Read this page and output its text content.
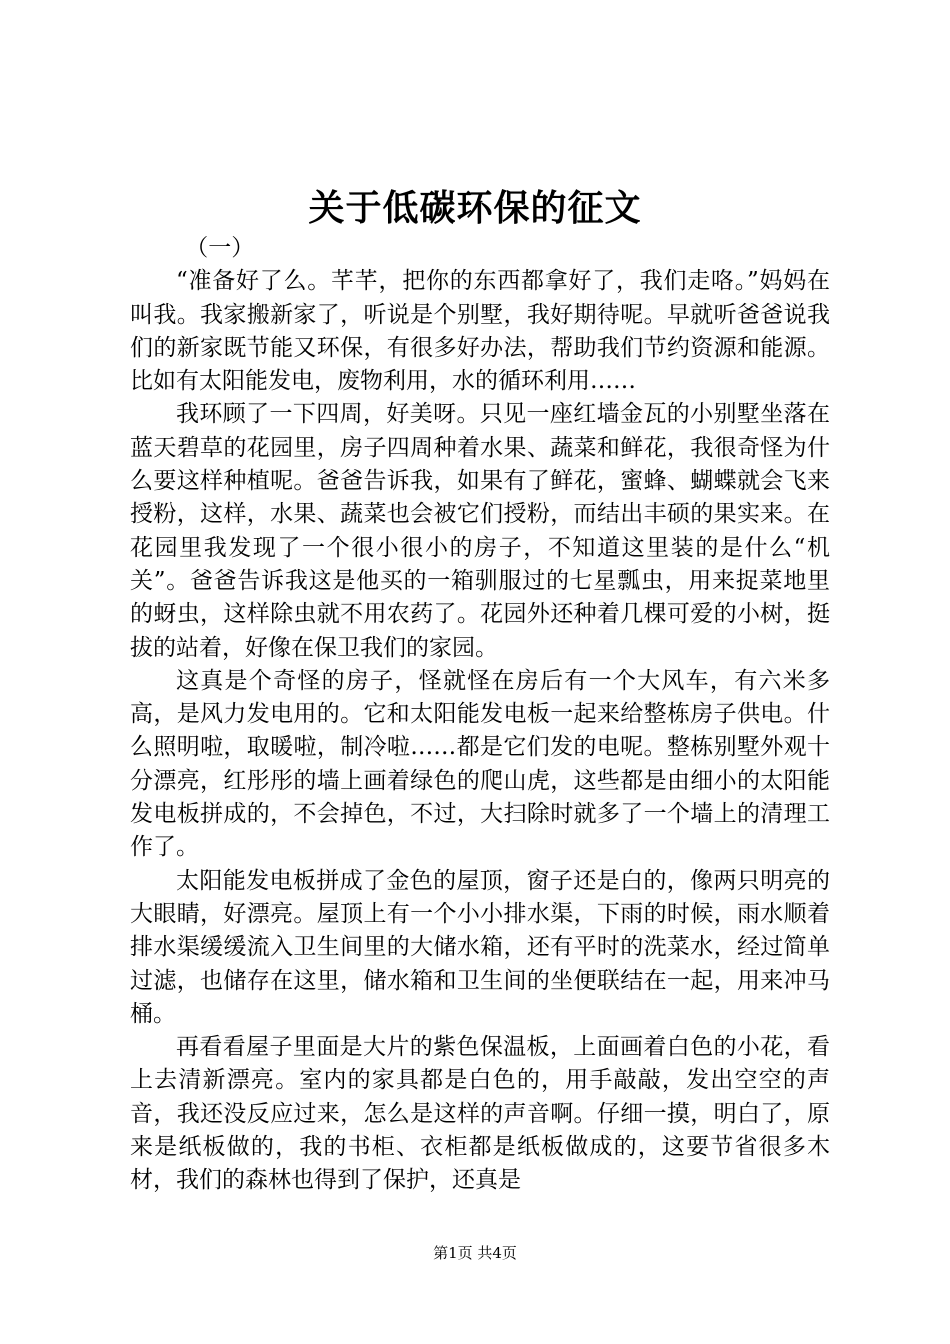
关于低碳环保的征文

（一）

“准备好了么。芊芊，把你的东西都拿好了，我们走咯。”妈妈在叫我。我家搬新家了，听说是个别墅，我好期待呢。早就听爸爸说我们的新家既节能又环保，有很多好办法，帮助我们节约资源和能源。比如有太阳能发电，废物利用，水的循环利用……

我环顾了一下四周，好美呀。只见一座红墙金瓦的小别墅坐落在蓝天碧草的花园里，房子四周种着水果、蔬菜和鲜花，我很奇怪为什么要这样种植呢。爸爸告诉我，如果有了鲜花，蜜蜂、蝴蝶就会飞来授粉，这样，水果、蔬菜也会被它们授粉，而结出丰硕的果实来。在花园里我发现了一个很小很小的房子，不知道这里装的是什么“机关”。爸爸告诉我这是他买的一箱驯服过的七星瓢虫，用来捉菜地里的蚜虫，这样除虫就不用农药了。花园外还种着几棵可爱的小树，挺拔的站着，好像在保卫我们的家园。

这真是个奇怪的房子，怪就怪在房后有一个大风车，有六米多高，是风力发电用的。它和太阳能发电板一起来给整栋房子供电。什么照明啦，取暖啦，制冷啦……都是它们发的电呢。整栋别墅外观十分漂亮，红彤彤的墙上画着绿色的爬山虎，这些都是由细小的太阳能发电板拼成的，不会掉色，不过，大扫除时就多了一个墙上的清理工作了。

太阳能发电板拼成了金色的屋顶，窗子还是白的，像两只明亮的大眼睛，好漂亮。屋顶上有一个小小排水渠，下雨的时候，雨水顺着排水渠缓缓流入卫生间里的大储水箱，还有平时的洗菜水，经过简单过滤，也储存在这里，储水箱和卫生间的坐便联结在一起，用来冲马桶。

再看看屋子里面是大片的紫色保温板，上面画着白色的小花，看上去清新漂亮。室内的家具都是白色的，用手敲敲，发出空空的声音，我还没反应过来，怎么是这样的声音啊。仔细一摸，明白了，原来是纸板做的，我的书柜、衣柜都是纸板做成的，这要节省很多木材，我们的森林也得到了保护，还真是

第1页 共4页
